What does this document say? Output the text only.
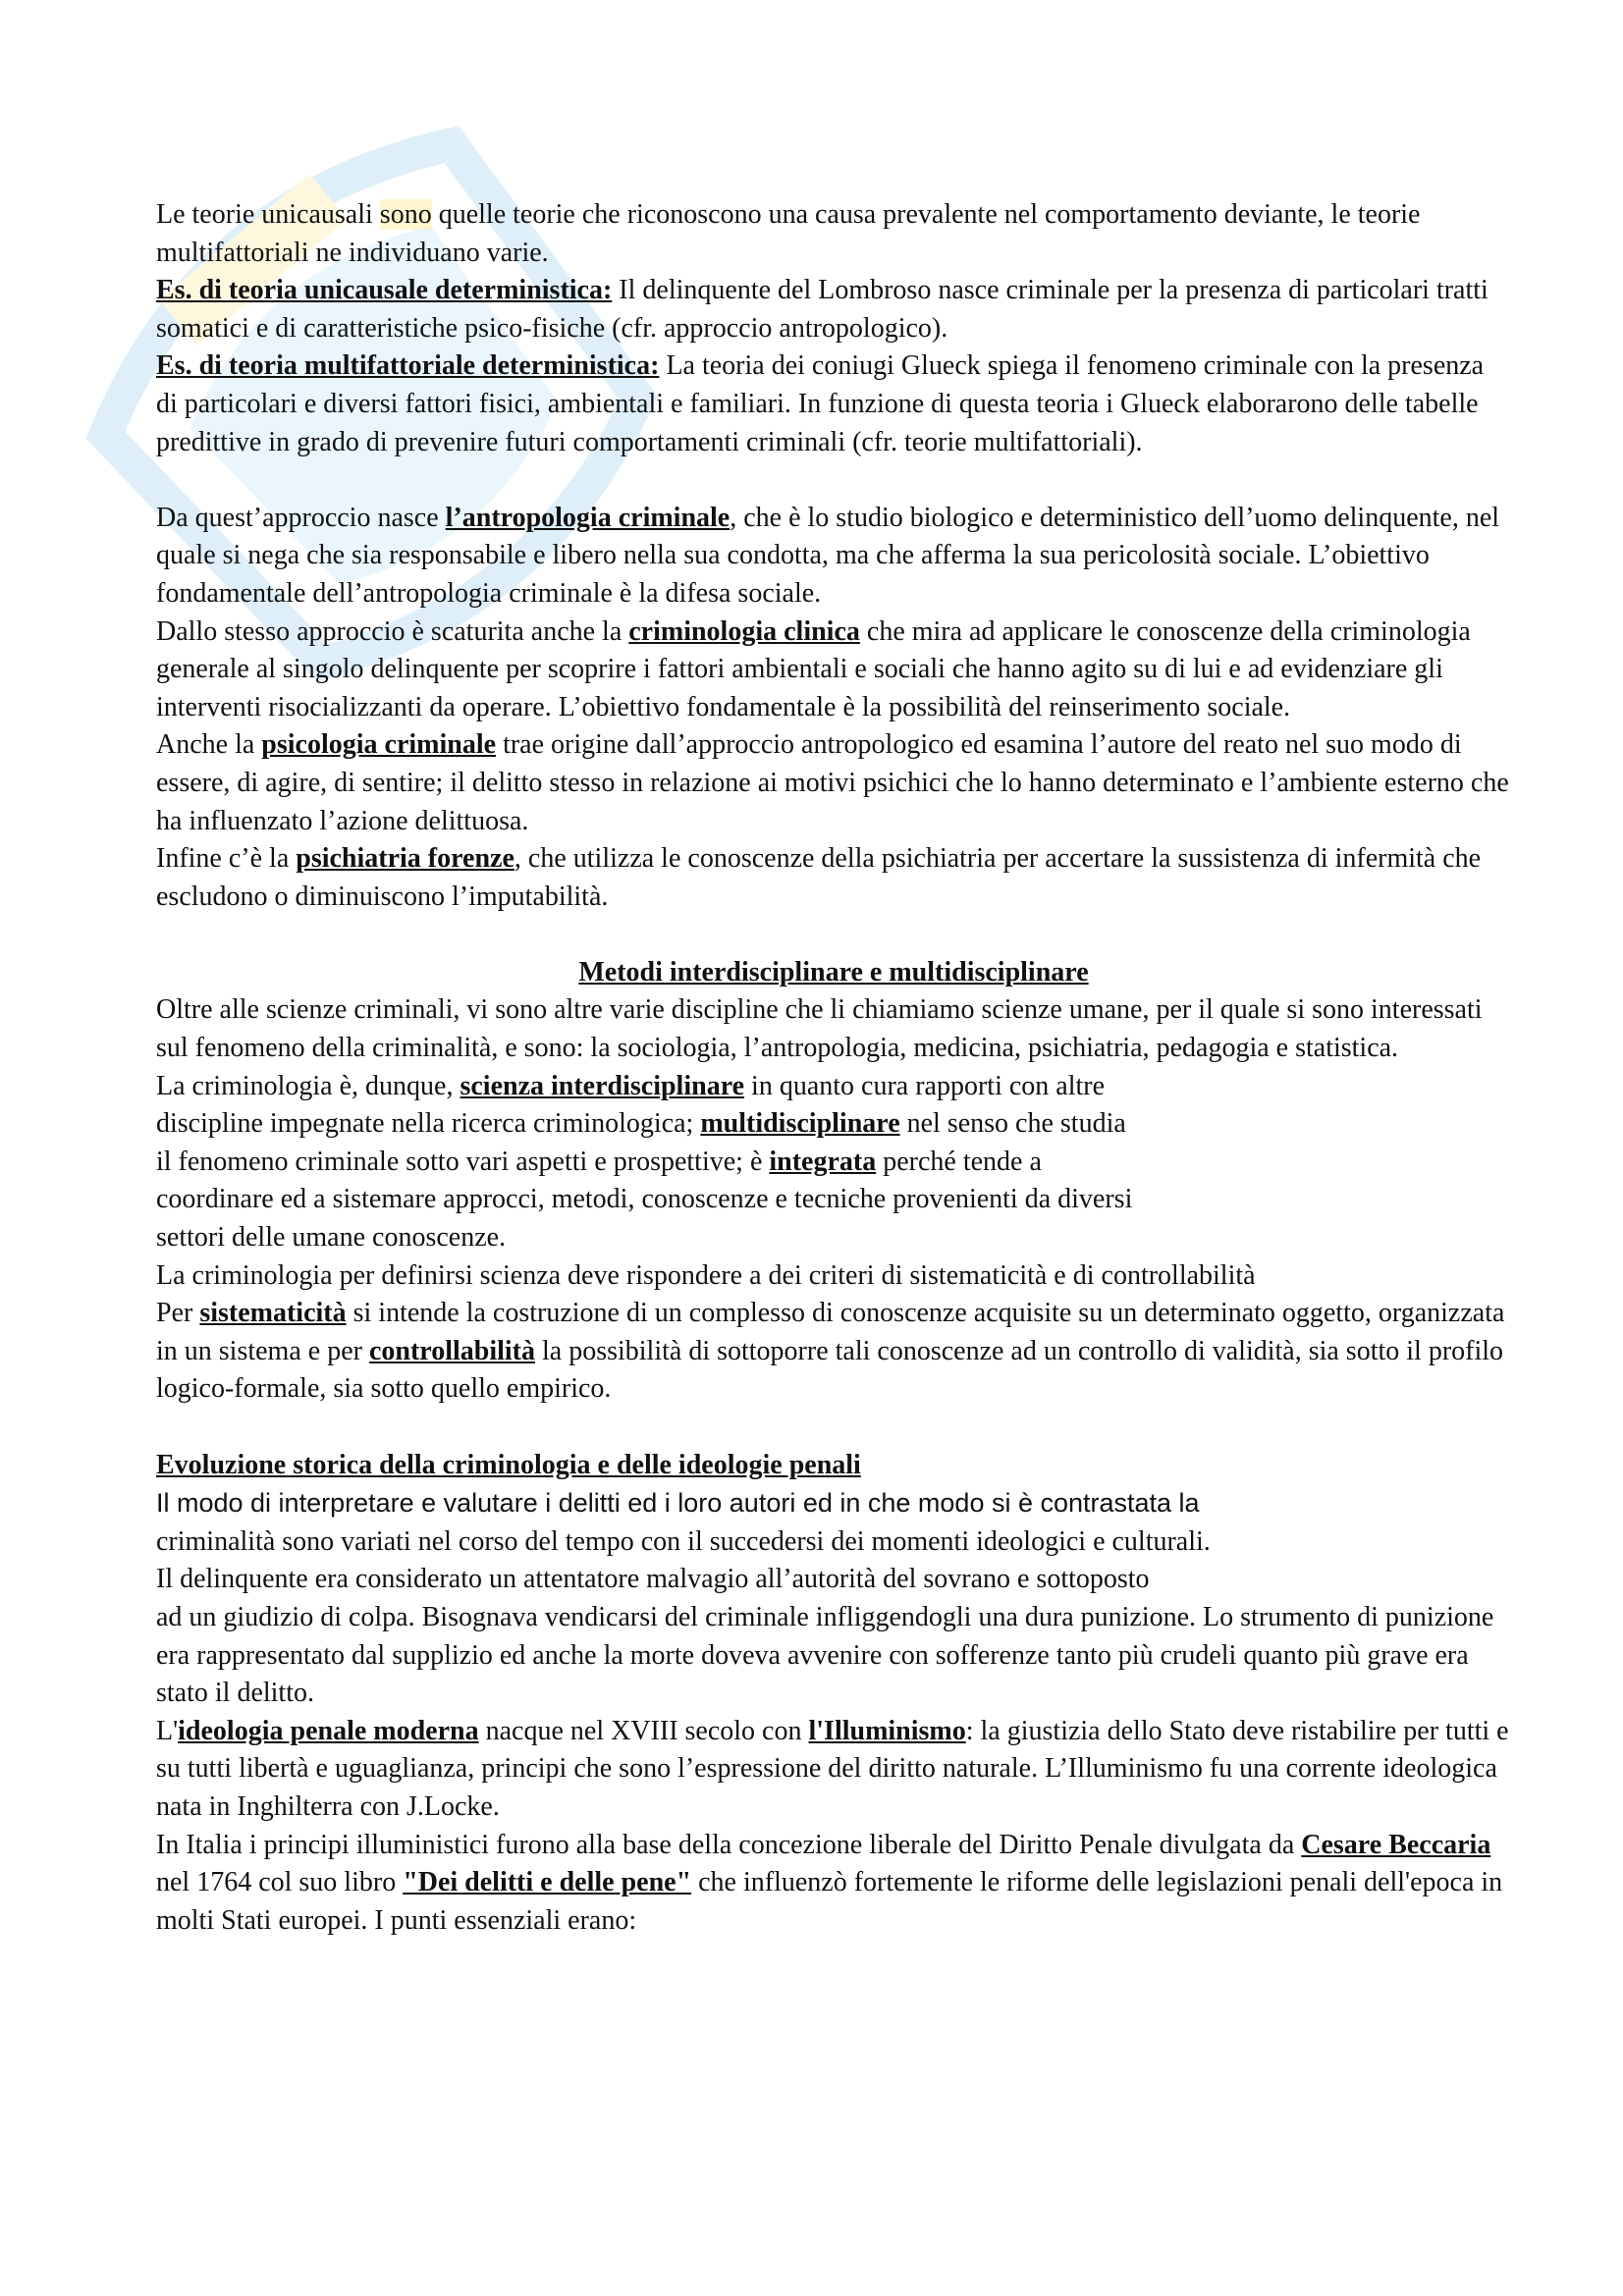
Le teorie unicausali sono quelle teorie che riconoscono una causa prevalente nel comportamento deviante, le teorie multifattoriali ne individuano varie.

Es. di teoria unicausale deterministica: Il delinquente del Lombroso nasce criminale per la presenza di particolari tratti somatici e di caratteristiche psico-fisiche (cfr. approccio antropologico).

Es. di teoria multifattoriale deterministica: La teoria dei coniugi Glueck spiega il fenomeno criminale con la presenza di particolari e diversi fattori fisici, ambientali e familiari. In funzione di questa teoria i Glueck elaborarono delle tabelle predittive in grado di prevenire futuri comportamenti criminali (cfr. teorie multifattoriali).

Da quest’approccio nasce l’antropologia criminale, che è lo studio biologico e deterministico dell’uomo delinquente, nel quale si nega che sia responsabile e libero nella sua condotta, ma che afferma la sua pericolosità sociale. L’obiettivo fondamentale dell’antropologia criminale è la difesa sociale.

Dallo stesso approccio è scaturita anche la criminologia clinica che mira ad applicare le conoscenze della criminologia generale al singolo delinquente per scoprire i fattori ambientali e sociali che hanno agito su di lui e ad evidenziare gli interventi risocializzanti da operare. L’obiettivo fondamentale è la possibilità del reinserimento sociale.

Anche la psicologia criminale trae origine dall’approccio antropologico ed esamina l’autore del reato nel suo modo di essere, di agire, di sentire; il delitto stesso in relazione ai motivi psichici che lo hanno determinato e l’ambiente esterno che ha influenzato l’azione delittuosa.

Infine c’è la psichiatria forenze, che utilizza le conoscenze della psichiatria per accertare la sussistenza di infermità che escludono o diminuiscono l’imputabilità.

Metodi interdisciplinare e multidisciplinare

Oltre alle scienze criminali, vi sono altre varie discipline che li chiamiamo scienze umane, per il quale si sono interessati sul fenomeno della criminalità, e sono: la sociologia, l’antropologia, medicina, psichiatria, pedagogia e statistica.

La criminologia è, dunque, scienza interdisciplinare in quanto cura rapporti con altre
discipline impegnate nella ricerca criminologica; multidisciplinare nel senso che studia
il fenomeno criminale sotto vari aspetti e prospettive; è integrata perché tende a
coordinare ed a sistemare approcci, metodi, conoscenze e tecniche provenienti da diversi
settori delle umane conoscenze.

La criminologia per definirsi scienza deve rispondere a dei criteri di sistematicità e di controllabilità

Per sistematicità si intende la costruzione di un complesso di conoscenze acquisite su un determinato oggetto, organizzata in un sistema e per controllabilità la possibilità di sottoporre tali conoscenze ad un controllo di validità, sia sotto il profilo logico-formale, sia sotto quello empirico.

Evoluzione storica della criminologia e delle ideologie penali

Il modo di interpretare e valutare i delitti ed i loro autori ed in che modo si è contrastata la
criminalità sono variati nel corso del tempo con il succedersi dei momenti ideologici e culturali.

Il delinquente era considerato un attentatore malvagio all’autorità del sovrano e sottoposto
ad un giudizio di colpa. Bisognava vendicarsi del criminale infliggendogli una dura punizione. Lo strumento di punizione era rappresentato dal supplizio ed anche la morte doveva avvenire con sofferenze tanto più crudeli quanto più grave era stato il delitto.

L'ideologia penale moderna nacque nel XVIII secolo con l'Illuminismo: la giustizia dello Stato deve ristabilire per tutti e su tutti libertà e uguaglianza, principi che sono l’espressione del diritto naturale. L’Illuminismo fu una corrente ideologica nata in Inghilterra con J.Locke.

In Italia i principi illuministici furono alla base della concezione liberale del Diritto Penale divulgata da Cesare Beccaria nel 1764 col suo libro "Dei delitti e delle pene" che influenzò fortemente le riforme delle legislazioni penali dell'epoca in molti Stati europei. I punti essenziali erano:
